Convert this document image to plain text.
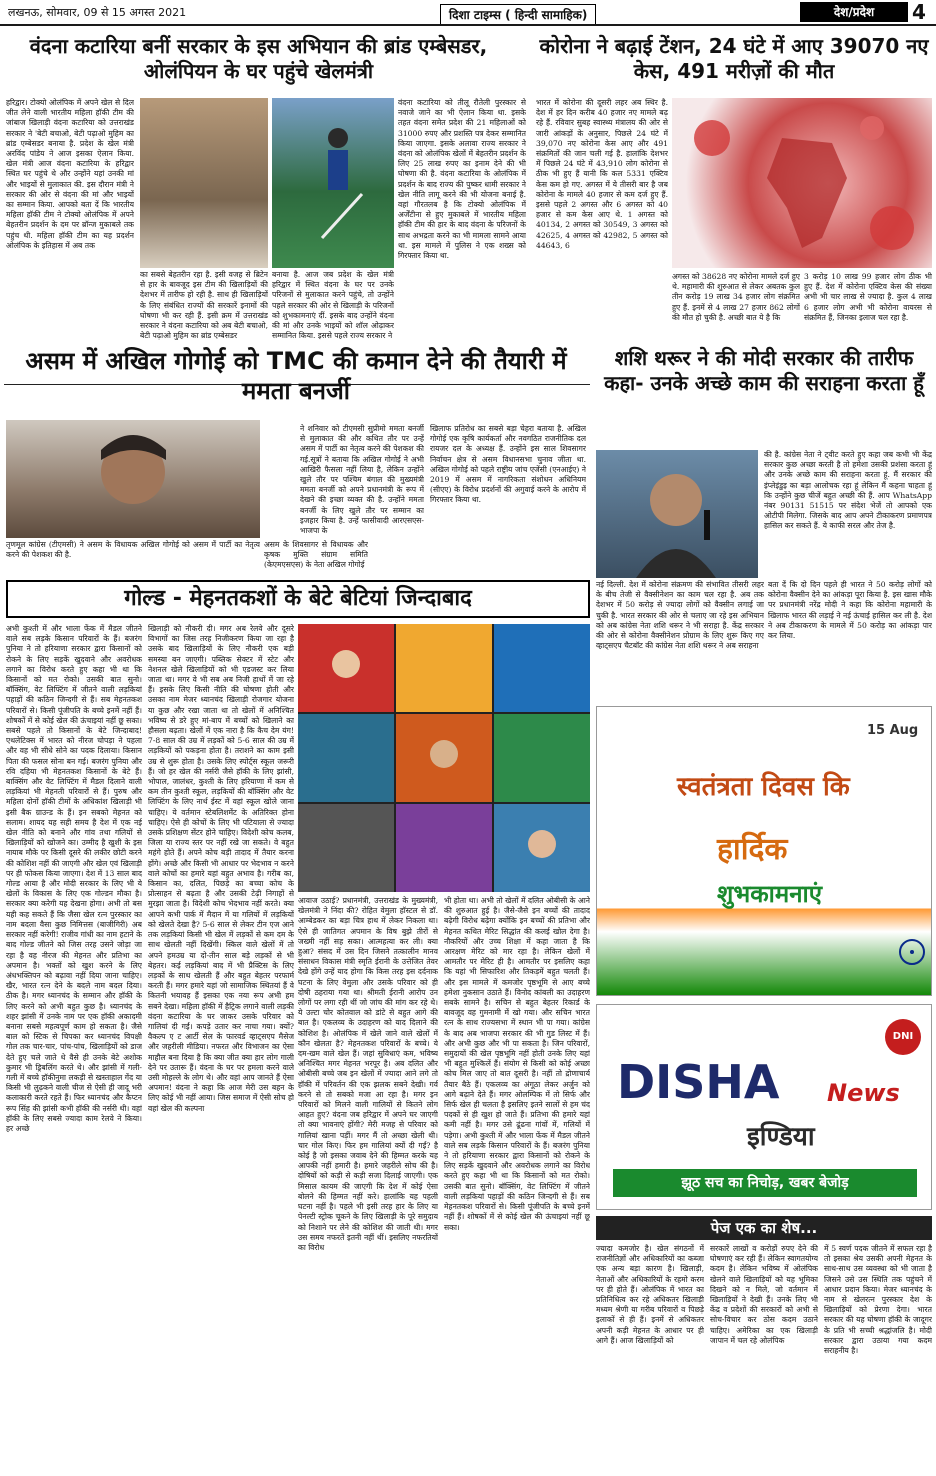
लखनऊ, सोमवार, 09 से 15 अगस्त 2021	दिशा टाइम्स ( हिन्दी सामाहिक)	देश/प्रदेश	4
वंदना कटारिया बनीं सरकार के इस अभियान की ब्रांड एम्बेसडर, ओलंपियन के घर पहुंचे खेलमंत्री
हरिद्वार। टोक्यो ओलंपिक में अपने खेल से दिल जीत लेने वाली भारतीय महिला हॉकी टीम की जांबाज खिलाड़ी वंदना कटारिया को उत्तराखंड सरकार ने 'बेटी बचाओ, बेटी पढ़ाओ मुहिम का ब्रांड एम्बेसडर बनाया है. प्रदेश के खेल मंत्री अरविंद पांडेय ने आज इसका ऐलान किया. खेल मंत्री आज वंदना कटारिया के हरिद्वार स्थित घर पहुंचे थे और उन्होंने यहां उनकी मां और भाइयों से मुलाकात की. इस दौरान मंत्री ने सरकार की ओर से वंदना की मां और भाइयों का सम्मान किया. आपको बता दें कि भारतीय महिला हॉकी टीम ने टोक्यो ओलंपिक में अपने बेहतरीन प्रदर्शन के दम पर ब्रॉन्ज मुकाबले तक पहुंच थी. महिला हॉकी टीम का यह प्रदर्शन ओलंपिक के इतिहास में अब तक
का सबसे बेहतरीन रहा है. इसी वजह से ब्रिटेन से हार के बावजूद इस टीम की खिलाड़ियों की देशभर में तारीफ हो रही है. साथ ही खिलाड़ियों के लिए संबंधित राज्यों की सरकारें इनामों की घोषणा भी कर रही हैं. इसी क्रम में उत्तराखंड सरकार ने वंदना कटारिया को अब बेटी बचाओ, बेटी पढ़ाओ मुहिम का ब्रांड एम्बेसडर
बनाया है. आज जब प्रदेश के खेल मंत्री हरिद्वार में स्थित वंदना के घर पर उनके परिजनों से मुलाकात करने पहुंचे, तो उन्होंने पहले सरकार की ओर से खिलाड़ी के परिजनों को शुभकामनाएं दीं. इसके बाद उन्होंने वंदना की मां और उनके भाइयों को शॉल ओढ़ाकर सम्मानित किया. इससे पहले राज्य सरकार ने
वंदना कटारिया को तीलू रौतेली पुरस्कार से नवाजे जाने का भी ऐलान किया था. इसके तहत वंदना समेत प्रदेश की 21 महिलाओं को 31000 रुपए और प्रशस्ति पत्र देकर सम्मानित किया जाएगा. इसके अलावा राज्य सरकार ने वंदना को ओलंपिक खेलों में बेहतरीन प्रदर्शन के लिए 25 लाख रुपए का इनाम देने की भी घोषणा की है. वंदना कटारिया के ओलंपिक में प्रदर्शन के बाद राज्य की पुष्कर धामी सरकार ने खेल नीति लागू करने की भी योजना बनाई है. वहां गौरतलब है कि टोक्यो ओलंपिक में अर्जेंटीना से हुए मुकाबले में भारतीय महिला हॉकी टीम की हार के बाद वंदना के परिजनों के साथ अभद्रता करने का भी मामला सामने आया था. इस मामले में पुलिस ने एक शख्स को गिरफ्तार किया था.
कोरोना ने बढ़ाई टेंशन, 24 घंटे में आए 39070 नए केस, 491 मरीज़ों की मौत
भारत में कोरोना की दूसरी लहर अब स्थिर है. देश में हर दिन करीब 40 हजार नए मामले बढ़ रहे हैं. रविवार सुबह स्वास्थ्य मंत्रालय की ओर से जारी आंकड़ों के अनुसार, पिछले 24 घंटे में 39,070 नए कोरोना केस आए और 491 संक्रमितों की जान चली गई है. हालांकि देशभर में पिछले 24 घंटे में 43,910 लोग कोरोना से ठीक भी हुए हैं यानी कि कल 5331 एक्टिव केस कम हो गए. अगस्त में ये तीसरी बार है जब कोरोना के मामले 40 हजार से कम दर्ज हुए हैं. इससे पहले 2 अगस्त और 6 अगस्त को 40 हजार से कम केस आए थे. 1 अगस्त को 40134, 2 अगस्त को 30549, 3 अगस्त को 42625, 4 अगस्त को 42982, 5 अगस्त को 44643, 6
अगस्त को 38628 नए कोरोना मामले दर्ज हुए थे. महामारी की शुरुआत से लेकर अबतक कुल तीन करोड़ 19 लाख 34 हजार लोग संक्रमित हुए हैं. इनमें से 4 लाख 27 हजार 862 लोगों की मौत हो चुकी है. अच्छी बात ये है कि
3 करोड़ 10 लाख 99 हजार लोग ठीक भी हुए हैं. देश में कोरोना एक्टिव केस की संख्या अभी भी चार लाख से ज्यादा है. कुल 4 लाख 6 हजार लोग अभी भी कोरोना वायरस से संक्रमित हैं, जिनका इलाज चल रहा है.
असम में अखिल गोगोई को TMC की कमान देने की तैयारी में ममता बनर्जी
तृणमूल कांग्रेस (टीएमसी) ने असम के विधायक अखिल गोगोई को असम में पार्टी का नेतृत्व करने की पेशकश की है.
असम के शिवसागर से विधायक और कृषक मुक्ति संग्राम समिति (केएमएसएस) के नेता अखिल गोगोई
ने शनिवार को टीएमसी सुप्रीमो ममता बनर्जी से मुलाकात की और कथित तौर पर उन्हें असम में पार्टी का नेतृत्व करने की पेशकश की गई.सूत्रों ने बताया कि अखिल गोगोई ने अभी आखिरी फैसला नहीं लिया है, लेकिन उन्होंने खुले तौर पर पश्चिम बंगाल की मुख्यमंत्री ममता बनर्जी को अपने प्रधानमंत्री के रूप में देखने की इच्छा व्यक्त की है. उन्होंने ममता बनर्जी के लिए खुले तौर पर सम्मान का इजहार किया है. उन्हें फासीवादी आरएसएस-भाजपा के
खिलाफ प्रतिरोध का सबसे बड़ा चेहरा बताया है. अखिल गोगोई एक कृषि कार्यकर्ता और नवगठित राजनीतिक दल रायजर दल के अध्यक्ष हैं. उन्होंने इस साल शिवसागर निर्वाचन क्षेत्र से असम विधानसभा चुनाव जीता था. अखिल गोगोई को पहले राष्ट्रीय जांच एजेंसी (एनआईए) ने 2019 में असम में नागरिकता संशोधन अधिनियम (सीएए) के विरोध प्रदर्शनों की अगुवाई करने के आरोप में गिरफ्तार किया था.
शशि थरूर ने की मोदी सरकार की तारीफ कहा- उनके अच्छे काम की सराहना करता हूँ
की है. कांग्रेस नेता ने ट्वीट करते हुए कहा जब कभी भी केंद्र सरकार कुछ अच्छा करती है तो हमेशा उसकी प्रशंसा करता हूं और उनके अच्छे काम की सराहना करता हूं. मैं सरकार की इंप्लेइंडुइ का बड़ा आलोचक रहा हूं लेकिन मैं कहना चाहता हूं कि उन्होंने कुछ चीजें बहुत अच्छी की हैं. आप WhatsApp नंबर 90131 51515 पर संदेश भेजें तो आपको एक ओटीपी मिलेगा. जिसके बाद आप अपने टीकाकरण प्रमाणपत्र हासिल कर सकते हैं. ये काफी सरल और तेज है.
नई दिल्ली. देश में कोरोना संक्रमण की संभावित तीसरी लहर के बीच तेजी से वैक्सीनेशन का काम चल रहा है. अब तक देशभर में 50 करोड़ से ज्यादा लोगों को वैक्सीन लगाई जा चुकी है. भारत सरकार की ओर से चलाए जा रहे इस अभियान को अब कांग्रेस नेता शशि थरूर ने भी सराहा है. केंद्र सरकार की ओर से कोरोना वैक्सीनेशन प्रोग्राम के लिए शुरू किए गए व्हाट्सएप चैटबॉट की कांग्रेस नेता शशि थरूर ने अब सराहना
बता दें कि दो दिन पहले ही भारत ने 50 करोड़ लोगों को कोरोना वैक्सीन देने का आंकड़ा पूरा किया है. इस खास मौके पर प्रधानमंत्री नरेंद्र मोदी ने कहा कि कोरोना महामारी के खिलाफ भारत की लड़ाई ने नई ऊंचाई हासिल कर ली है. देश ने अब टीकाकरण के मामले में 50 करोड़ का आंकड़ा पार कर लिया.
गोल्ड - मेहनतकशों के बेटे बेटियां जिन्दाबाद
अभी कुश्ती में और भाला फेंक में मैडल जीतने वाले सब लड़के किसान परिवारों के हैं। बजरंग पुनिया ने तो हरियाणा सरकार द्वारा किसानों को रोकने के लिए सड़कें खुदवाने और अवरोधक लगाने का विरोध करते हुए कहा भी था कि किसानों को मत रोको। उसकी बात सुनो। बॉक्सिंग, वेट लिफ्टिंग में जीतने वाली लड़कियां पहाड़ों की कठिन जिन्दगी से हैं। सब मेहनतकश परिवारों से। किसी पूंजीपति के बच्चे इनमें नहीं हैं। शोषकों में से कोई खेल की ऊंचाइयां नहीं छू सका। सबसे पहले तो किसानों के बेटे जिन्दाबाद! एथलेटिक्स में भारत को नीरज चोपड़ा ने पहला और वह भी सीधे सोने का पदक दिलाया। किसान पिता की फसल सोना बन गई। बजरंग पुनिया और रवि दहिया भी मेहनतकश किसानों के बेटे हैं। बाक्सिंग और वेट लिफ्टिंग में मैडल दिलाने वाली लड़कियां भी मेहनती परिवारों से हैं। पुरुष और महिला दोनों हॉकी टीमों के अधिकांश खिलाड़ी भी इसी बैक ग्राउन्ड के हैं। इन सबको मेहनत को सलाम। शायद यह सही समय है देश में एक नई खेल नीति को बनाने और गांव तथा गलियों से खिलाड़ियों को खोजने का। उम्मीद है खुशी के इस नायाब मौके पर किसी दूसरे की लकीर छोटी करने की कोशिश नहीं की जाएगी और खेल एवं खिलाड़ी पर ही फोकस किया जाएगा। देश में 13 साल बाद गोल्ड आया है और मोदी सरकार के लिए भी ये खेलों के विकास के लिए एक गोल्डन मौका है। सरकार क्या करेगी यह देखना होगा। अभी तो बस यही कह सकते हैं कि जैसा खेल रत्न पुरस्कार का नाम बदला वैसा कुछ निमित्तस (बाजीगिरी) अब सरकार नहीं करेगी! राजीव गांधी का नाम हटाने के बाद गोल्ड जीतने को जिस तरह उसने जोड़ा जा रहा है वह नीरज की मेहनत और प्रतिभा का अपमान है। भक्तों को खुश करने के लिए अंधभक्तिपन को बढ़ावा नहीं दिया जाना चाहिए। खैर, भारत रत्न देने के बदले नाम बदल दिया। ठीक है। मगर ध्यानचंद के सम्मान और हॉकी के लिए करने को अभी बहुत कुछ है। ध्यानचंद के शहर झांसी में उनके नाम पर एक हॉकी अकादमी बनाना सबसे महत्वपूर्ण काम हो सकता है। जैसे बाल को स्टिक से चिपका कर ध्यानचंद विपक्षी गोल तक चार-चार, पांच-पांच, खिलाड़ियों को डाज देते हुए चले जाते थे वैसे ही उनके बेटे अशोक कुमार भी ड्रिबलिंग करते थे। और झांसी में गली-गली में बच्चे हॉकीनुमा लकड़ी से खस्ताहाल गेंद या किसी भी लुढ़कने वाली चीज से ऐसी ही जादू भरी कलाकारी करते रहते हैं। फिर ध्यानचंद और कैप्टन रूप सिंह की झांसी कभी हॉकी की नर्सरी थी। वहां हॉकी के लिए सबसे ज्यादा काम रेलवे ने किया। हर अच्छे
खिलाड़ी को नौकरी दी। मगर अब रेलवे और दूसरे विभागों का जिस तरह निजीकरण किया जा रहा है उसके बाद खिलाड़ियों के लिए नौकरी एक बड़ी समस्या बन जाएगी। पब्लिक सेक्टर में स्टेट और नेशनल खेले खिलाड़ियों को भी एडजस्ट कर लिया जाता था। मगर वे भी सब अब निजी हाथों में जा रहे हैं। इसके लिए किसी नीति की घोषणा होती और उसका नाम मेजर ध्यानचंद खिलाड़ी रोजगार योजना या कुछ और रखा जाता था तो खेलों में अनिश्चित भविष्य से डरे हुए मां-बाप में बच्चों को खिलाने का हौसला बढ़ता। खेलों में एक नारा है कि कैच देम यंग! 7-8 साल की उम्र में लड़कों को 5-6 साल की उम्र में लड़कियों को पकड़ना होता है। तराशने का काम इसी उम्र से शुरू होता है। उसके लिए स्पोर्ट्स स्कूल जरूरी हैं। जो हर खेल की नर्सरी जैसे हॉकी के लिए झांसी, भोपाल, जालंधर, कुश्ती के लिए हरियाणा में कम से कम तीन कुश्ती स्कूल, लड़कियों की बॉक्सिंग और वेट लिफ्टिंग के लिए नार्थ ईस्ट में वहां स्कूल खोले जाना चाहिए। ये वर्तमान स्टेबलिशमेंट के अतिरिक्त होना चाहिए। ऐसे ही कोचों के लिए भी पटियाला से ज्यादा उसके प्रशिक्षण सेंटर होने चाहिए। विदेशी कोच कलब, जिला या राज्य स्तर पर नहीं रखे जा सकते। वे बहुत महंगे होते हैं। अपने कोच बड़ी तादाद में तैयार करना होंगे। अच्छे और किसी भी आधार पर भेदभाव न करने वाले कोचों का हमारे यहां बहुत अभाव है। गरीब का, किसान का, दलित, पिछड़े का बच्चा कोच के प्रोत्साहन से बढ़ता है और उसकी टेढ़ी निगाहों से मुरझा जाता है। विदेशी कोच भेदभाव नहीं करते। क्या आपने कभी पार्क में मैदान में या गलियों में लड़कियों को खेलते देखा है? 5-6 साल से लेकर टीन एज आने तक लड़कियां किसी भी खेल में लड़कों से कम दम के साथ खेलती नहीं दिखेंगी। स्किल वाले खेलों में तो अपने हमउम्र या दो-तीन साल बड़े लड़कों से भी बेहतर। कई लड़कियां बाद में भी प्रैक्टिस के लिए लड़कों के साथ खेलती हैं और बहुत बेहतर परफार्म करती हैं। मगर हमारे यहां जो सामाजिक स्थितयां हैं वे कितनी भयावह हैं इसका एक नया रूप अभी हम सबने देखा। महिला हॉकी में हैट्रिक लगाने वाली लड़की वंदना कटारिया के घर जाकर उसके परिवार को गालियां दी गईं। कपड़े उतार कर नाचा गया। क्यों? वैकल्प ए ट आर्टी सेल के फारवर्ड व्हाट्सएप मैसेज और जहरीली मीडिया। नफरत और विभाजन का ऐसा माहौल बना दिया है कि क्या जीत क्या हार लोग गाली देने पर उतारू हैं। वंदना के घर पर हमला करने वाले उसी मोहल्ले के लोग थे। और वहां आप जानते हैं ऐसा अपमान! वंदना ने कहा कि आज मेरी उस बहन के लिए कोई भी नहीं आया। जिस समाज में ऐसी सोच हो वहां खेल की कल्पना
आवाज उठाई? प्रधानमंत्री, उत्तराखंड के मुख्यमंत्री, खेलमंत्री ने निंदा की? रोहित वेमुला हॉस्टल से डॉ. आम्बेडकर का बड़ा चित्र हाथ में लेकर निकला था। ऐसे ही जातिगत अपमान के विष बुझे तीरों से जख्मी नहीं सह सका। आत्महत्या कर ली। क्या हुआ? संसद में उस दिन जिसने तत्कालीन मानव संसाधन विकास मंत्री स्मृति ईरानी के उत्तेजित तेवर देखे होंगे उन्हें याद होगा कि किस तरह इस दर्दनाक घटना के लिए वेमुला और उसके परिवार को ही दोषी ठहराया गया था। श्रीमती ईरानी आरोप उन लोगों पर लगा रही थीं जो जांच की मांग कर रहे थे। ये उल्टा चोर कोतवाल को डांटे से बहुत आगे की बात है। एकलव्य के उदाहरण को याद दिलाने की कोशिश है। ओलंपिक में खेले जाने वाले खेलों में कौन खेलता है? मेहनतकश परिवारों के बच्चे। ये दम-खम वाले खेल हैं। जहां सुविधाएं कम, भविष्य अनिश्चित मगर मेहनत भरपूर है। अब दलित और ओबीसी बच्चे जब इन खेलों में ज्यादा आने लगे तो हॉकी में परिवर्तन की एक झलक सबने देखी। गर्व करने से तो सबको मजा आ रहा है। मगर इन परिवारों को मिलने वाली गालियों से कितने लोग आहत हुए? वंदना जब हरिद्वार में अपने घर जाएगी तो क्या भावनाएं होंगी? मेरी मजह से परिवार को गालियां खाना पड़ीं। मगर मैं तो अच्छा खेली थी। चार गोल किए। फिर हम गालियां क्यों दी गईं? है कोई है जो इसका जवाब देने की हिम्मत करके यह आपकी नहीं हमारी है। हमारे जहरीले सोच की है। दोषियों को कड़ी से कड़ी सजा दिलाई जाएगी। एक मिसाल कायम की जाएगी कि देश में कोई ऐसा बोलने की हिम्मत नहीं करे। हालांकि यह पहली घटना नहीं है। पहले भी इसी तरह हार के लिए या पेनल्टी स्ट्रोक चूकने के लिए खिलाड़ी के पूरे समुदाय को निशाने पर लेने की कोशिश की जाती थी। मगर उस समय नफरतें इतनी नहीं थीं। इसलिए नफरतियों का विरोध
भी होता था। अभी तो खेलों में दलित ओबीसी के आने की शुरुआत हुई है। जैसे-जैसे इन बच्चों की तादाद बढ़ेगी विरोध बढ़ेगा क्योंकि इन बच्चों की प्रतिभा और मेहनत कथित मेरिट सिद्धांत की कलई खोल देगा है। नौकरियों और उच्च शिक्षा में कहा जाता है कि आरक्षण मेरिट को मार रहा है। लेकिन खेलों में आमतौर पर मेरिट ही है। आमतौर पर इसलिए कहा कि यहां भी सिफारिश और तिकड़में बहुत चलती हैं। और इस मामले में कमजोर पृष्ठभूमि से आए बच्चे हमेशा नुकसान उठाते हैं। विनोद कांबली का उदाहरण सबके सामने है। सचिन से बहुत बेहतर रिकार्ड के बावजूद वह गुमनामी में खो गया। और सचिन भारत रत्न के साथ राज्यसभा में स्थान भी पा गया। कांग्रेस के बाद अब भाजपा सरकार की भी गुड लिस्ट में हैं। और अभी कुछ और भी पा सकता है। जिन परिवारों, समुदायों की खेल पृष्ठभूमि नहीं होती उनके लिए यहां भी बहुत मुश्किलें हैं। संयोग से किसी को कोई अच्छा कोच मिल जाए तो बात दूसरी है। नहीं तो द्रोणाचार्य तैयार बैठे हैं। एकलव्य का अंगूठा लेकर अर्जुन को आगे बढ़ाने देते हैं। मगर ओलम्पिक में तो सिर्फ और सिर्फ खेल ही चलता है इसलिए इतने सालों से हम चंद पदकों से ही खुश हो जाते हैं। प्रतिभा की हमारे यहां कमी नहीं है। मगर उसे ढूंढना गांवों में, गलियों में पड़ेगा। अभी कुश्ती में और भाला फेंक में मैडल जीतने वाले सब लड़के किसान परिवारों के हैं। बजरंग पुनिया ने तो हरियाणा सरकार द्वारा किसानों को रोकने के लिए सड़कें खुदवाने और अवरोधक लगाने का विरोध करते हुए कहा भी था कि किसानों को मत रोको। उसकी बात सुनो। बॉक्सिंग, वेट लिफ्टिंग में जीतने वाली लड़कियां पहाड़ों की कठिन जिन्दगी से हैं। सब मेहनतकश परिवारों से। किसी पूंजीपति के बच्चे इनमें नहीं हैं। शोषकों में से कोई खेल की ऊंचाइयां नहीं छू सका।
15 Aug
स्वतंत्रता दिवस कि
हार्दिक
शुभकामनाएं
DISHA News
DNI
इण्डिया
झूठ सच का निचोड़, खबर बेजोड़
पेज एक का शेष...
ज्यादा कमजोर है। खेल संगठनों में राजनीतिज्ञों और अधिकारियों का कब्जा एक अन्य बड़ा कारण है। खिलाड़ी, नेताओं और अधिकारियों के रहमो करम पर ही होते हैं। ओलंपिक में भारत का प्रतिनिधित्व कर रहे अधिकतर खिलाड़ी मध्यम श्रेणी या गरीब परिवारों व पिछड़े इलाकों से ही हैं। इनमें से अधिकतर अपनी कड़ी मेहनत के आधार पर ही आगे हैं। आज खिलाड़ियों को
सरकारें लाखों व करोड़ों रुपए देने की घोषणाएं कर रही हैं। लेकिन स्वागतयोग्य कदम है। लेकिन भविष्य में ओलंपिक खेलने वाले खिलाड़ियों को यह भूमिका दिखने को न मिले, जो वर्तमान में खिलाड़ियों ने देखी हैं। उनके लिए भी केंद्र व प्रदेशों की सरकारों को अभी से सोच-विचार कर ठोस कदम उठाने चाहिए। अमेरिका का एक खिलाड़ी जापान में चल रहे ओलंपिक
में 5 स्वर्ण पदक जीतने में सफल रहा है तो इसका श्रेय उसकी अपनी मेहनत के साथ-साथ उस व्यवस्था को भी जाता है जिसने उसे उस स्थिति तक पहुंचने में आधार प्रदान किया। मेजर ध्यानचंद के नाम से खेलरत्न पुरस्कार देश के खिलाड़ियों को प्रेरणा देगा। भारत सरकार की यह घोषणा हॉकी के जादूगर के प्रति भी सच्ची श्रद्धांजलि है। मोदी सरकार द्वारा उठाया गया कदम सराहनीय है।
